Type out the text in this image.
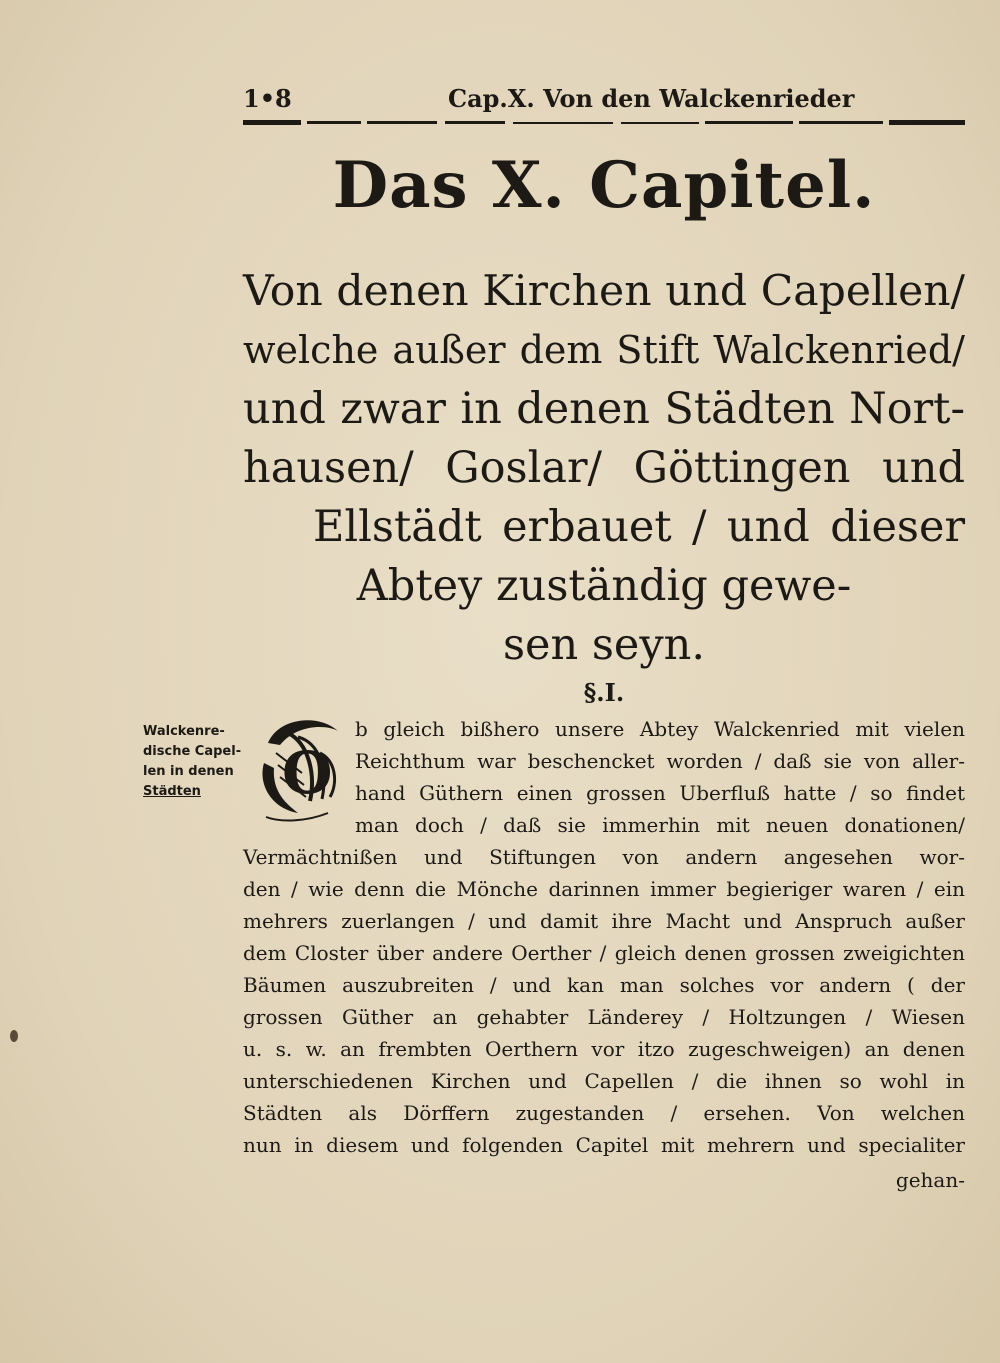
1•8	Cap.X. Von den Walckenrieder
Das X. Capitel.
Von denen Kirchen und Capellen/
welche außer dem Stift Walckenried/
und zwar in denen Städten Nort-
hausen/ Goslar/ Göttingen und
Ellstädt erbauet / und dieser
Abtey zuständig gewe-
sen seyn.
§.I.
Walckenre-
dische Capel-
len in denen
Städten	O
b gleich bißhero unsere Abtey Walckenried mit vielen
Reichthum war beschencket worden / daß sie von aller-
hand Güthern einen grossen Uberfluß hatte / so findet
man doch / daß sie immerhin mit neuen donationen/
Vermächtnißen und Stiftungen von andern angesehen wor-
den / wie denn die Mönche darinnen immer begieriger waren / ein
mehrers zuerlangen / und damit ihre Macht und Anspruch außer
dem Closter über andere Oerther / gleich denen grossen zweigichten
Bäumen auszubreiten / und kan man solches vor andern ( der
grossen Güther an gehabter Länderey / Holtzungen / Wiesen
u. s. w. an frembten Oerthern vor itzo zugeschweigen) an denen
unterschiedenen Kirchen und Capellen / die ihnen so wohl in
Städten als Dörffern zugestanden / ersehen. Von welchen
nun in diesem und folgenden Capitel mit mehrern und specialiter
gehan-
